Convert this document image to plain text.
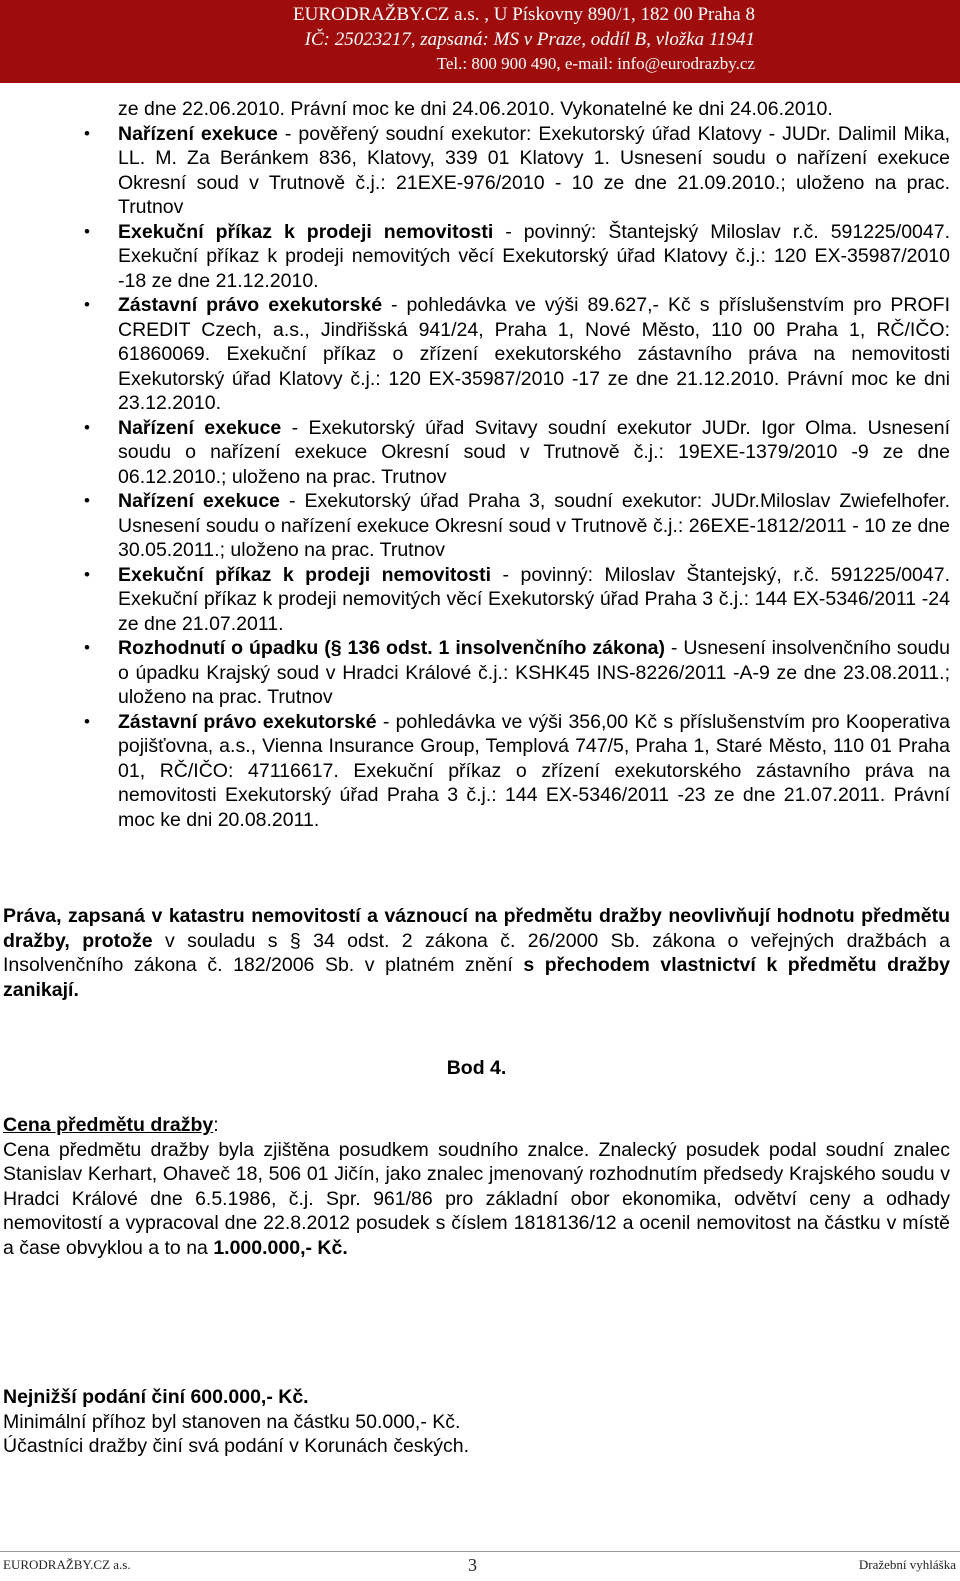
EURODRAŽBY.CZ a.s. , U Pískovny 890/1, 182 00 Praha 8
IČ: 25023217, zapsaná: MS v Praze, oddíl B, vložka 11941
Tel.: 800 900 490, e-mail: info@eurodrazby.cz
ze dne 22.06.2010. Právní moc ke dni 24.06.2010. Vykonatelné ke dni 24.06.2010.
• Nařízení exekuce - pověřený soudní exekutor: Exekutorský úřad Klatovy - JUDr. Dalimil Mika, LL. M. Za Beránkem 836, Klatovy, 339 01 Klatovy 1. Usnesení soudu o nařízení exekuce Okresní soud v Trutnově č.j.: 21EXE-976/2010 - 10 ze dne 21.09.2010.; uloženo na prac. Trutnov
• Exekuční příkaz k prodeji nemovitosti - povinný: Štantejský Miloslav r.č. 591225/0047. Exekuční příkaz k prodeji nemovitých věcí Exekutorský úřad Klatovy č.j.: 120 EX-35987/2010 -18 ze dne 21.12.2010.
• Zástavní právo exekutorské - pohledávka ve výši 89.627,- Kč s příslušenstvím pro PROFI CREDIT Czech, a.s., Jindřišská 941/24, Praha 1, Nové Město, 110 00 Praha 1, RČ/IČO: 61860069. Exekuční příkaz o zřízení exekutorského zástavního práva na nemovitosti Exekutorský úřad Klatovy č.j.: 120 EX-35987/2010 -17 ze dne 21.12.2010. Právní moc ke dni 23.12.2010.
• Nařízení exekuce - Exekutorský úřad Svitavy soudní exekutor JUDr. Igor Olma. Usnesení soudu o nařízení exekuce Okresní soud v Trutnově č.j.: 19EXE-1379/2010 -9 ze dne 06.12.2010.; uloženo na prac. Trutnov
• Nařízení exekuce - Exekutorský úřad Praha 3, soudní exekutor: JUDr.Miloslav Zwiefelhofer. Usnesení soudu o nařízení exekuce Okresní soud v Trutnově č.j.: 26EXE-1812/2011 - 10 ze dne 30.05.2011.; uloženo na prac. Trutnov
• Exekuční příkaz k prodeji nemovitosti - povinný: Miloslav Štantejský, r.č. 591225/0047. Exekuční příkaz k prodeji nemovitých věcí Exekutorský úřad Praha 3 č.j.: 144 EX-5346/2011 -24 ze dne 21.07.2011.
• Rozhodnutí o úpadku (§ 136 odst. 1 insolvenčního zákona) - Usnesení insolvenčního soudu o úpadku Krajský soud v Hradci Králové č.j.: KSHK45 INS-8226/2011 -A-9 ze dne 23.08.2011.; uloženo na prac. Trutnov
• Zástavní právo exekutorské - pohledávka ve výši 356,00 Kč s příslušenstvím pro Kooperativa pojišťovna, a.s., Vienna Insurance Group, Templová 747/5, Praha 1, Staré Město, 110 01 Praha 01, RČ/IČO: 47116617. Exekuční příkaz o zřízení exekutorského zástavního práva na nemovitosti Exekutorský úřad Praha 3 č.j.: 144 EX-5346/2011 -23 ze dne 21.07.2011. Právní moc ke dni 20.08.2011.
Práva, zapsaná v katastru nemovitostí a váznoucí na předmětu dražby neovlivňují hodnotu předmětu dražby, protože v souladu s § 34 odst. 2 zákona č. 26/2000 Sb. zákona o veřejných dražbách a Insolvenčního zákona č. 182/2006 Sb. v platném znění s přechodem vlastnictví k předmětu dražby zanikají.
Bod 4.
Cena předmětu dražby:
Cena předmětu dražby byla zjištěna posudkem soudního znalce. Znalecký posudek podal soudní znalec Stanislav Kerhart, Ohaveč 18, 506 01 Jičín, jako znalec jmenovaný rozhodnutím předsedy Krajského soudu v Hradci Králové dne 6.5.1986, č.j. Spr. 961/86 pro základní obor ekonomika, odvětví ceny a odhady nemovitostí a vypracoval dne 22.8.2012 posudek s číslem 1818136/12 a ocenil nemovitost na částku v místě a čase obvyklou a to na 1.000.000,- Kč.
Nejnižší podání činí 600.000,- Kč.
Minimální příhoz byl stanoven na částku 50.000,- Kč.
Účastníci dražby činí svá podání v Korunách českých.
EURODRAŽBY.CZ a.s.	3	Dražební vyhláška
